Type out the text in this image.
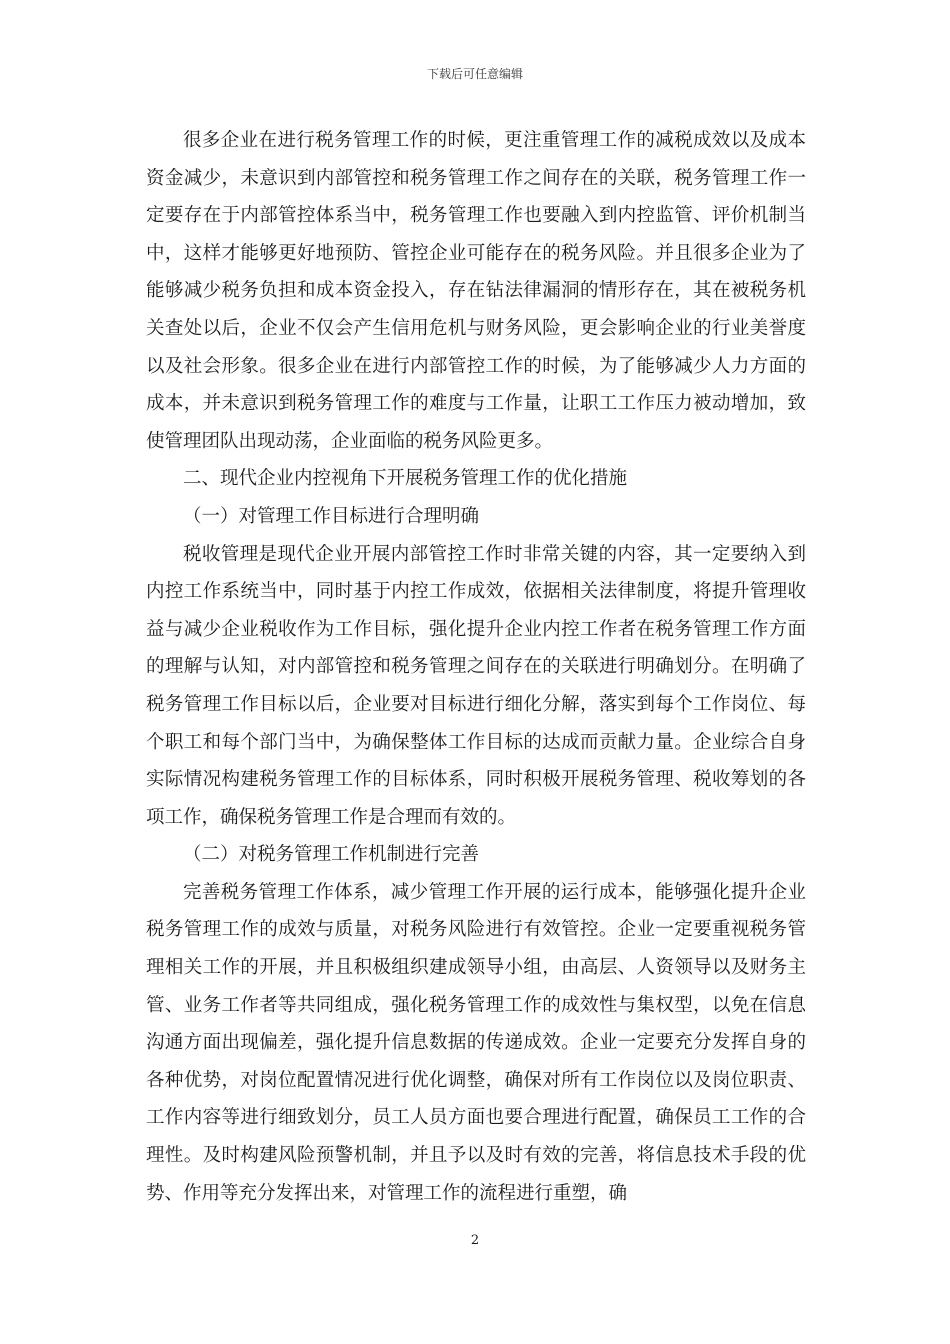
下载后可任意编辑

很多企业在进行税务管理工作的时候，更注重管理工作的减税成效以及成本资金减少，未意识到内部管控和税务管理工作之间存在的关联，税务管理工作一定要存在于内部管控体系当中，税务管理工作也要融入到内控监管、评价机制当中，这样才能够更好地预防、管控企业可能存在的税务风险。并且很多企业为了能够减少税务负担和成本资金投入，存在钻法律漏洞的情形存在，其在被税务机关查处以后，企业不仅会产生信用危机与财务风险，更会影响企业的行业美誉度以及社会形象。很多企业在进行内部管控工作的时候，为了能够减少人力方面的成本，并未意识到税务管理工作的难度与工作量，让职工工作压力被动增加，致使管理团队出现动荡，企业面临的税务风险更多。

二、现代企业内控视角下开展税务管理工作的优化措施

（一）对管理工作目标进行合理明确

税收管理是现代企业开展内部管控工作时非常关键的内容，其一定要纳入到内控工作系统当中，同时基于内控工作成效，依据相关法律制度，将提升管理收益与减少企业税收作为工作目标，强化提升企业内控工作者在税务管理工作方面的理解与认知，对内部管控和税务管理之间存在的关联进行明确划分。在明确了税务管理工作目标以后，企业要对目标进行细化分解，落实到每个工作岗位、每个职工和每个部门当中，为确保整体工作目标的达成而贡献力量。企业综合自身实际情况构建税务管理工作的目标体系，同时积极开展税务管理、税收筹划的各项工作，确保税务管理工作是合理而有效的。

（二）对税务管理工作机制进行完善

完善税务管理工作体系，减少管理工作开展的运行成本，能够强化提升企业税务管理工作的成效与质量，对税务风险进行有效管控。企业一定要重视税务管理相关工作的开展，并且积极组织建成领导小组，由高层、人资领导以及财务主管、业务工作者等共同组成，强化税务管理工作的成效性与集权型，以免在信息沟通方面出现偏差，强化提升信息数据的传递成效。企业一定要充分发挥自身的各种优势，对岗位配置情况进行优化调整，确保对所有工作岗位以及岗位职责、工作内容等进行细致划分，员工人员方面也要合理进行配置，确保员工工作的合理性。及时构建风险预警机制，并且予以及时有效的完善，将信息技术手段的优势、作用等充分发挥出来，对管理工作的流程进行重塑，确

2
